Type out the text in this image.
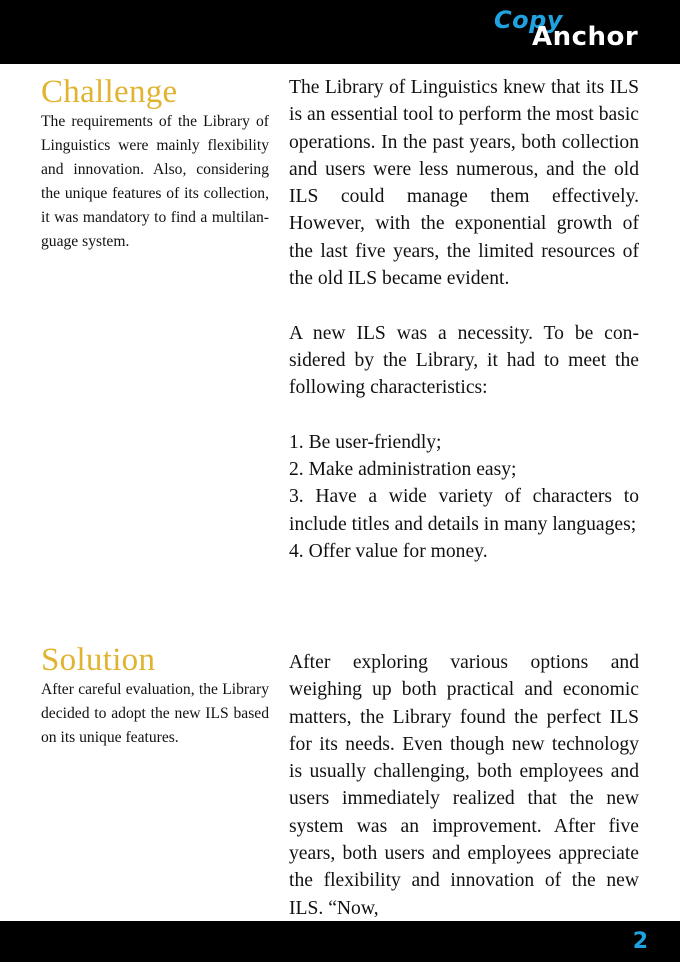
Copy
Anchor
Challenge

The requirements of the Library of Linguistics were mainly flexibility and innovation. Also, considering the unique features of its collection, it was mandatory to find a multilanguage system.

The Library of Linguistics knew that its ILS is an essential tool to perform the most basic operations. In the past years, both collection and users were less numerous, and the old ILS could manage them effectively. However, with the exponential growth of the last five years, the limited resources of the old ILS became evident.

A new ILS was a necessity. To be considered by the Library, it had to meet the following characteristics:

1. Be user-friendly;
2. Make administration easy;
3. Have a wide variety of characters to include titles and details in many languages;
4. Offer value for money.
Solution

After careful evaluation, the Library decided to adopt the new ILS based on its unique features.

After exploring various options and weighing up both practical and economic matters, the Library found the perfect ILS for its needs. Even though new technology is usually challenging, both employees and users immediately realized that the new system was an improvement. After five years, both users and employees appreciate the flexibility and innovation of the new ILS. “Now,

2
